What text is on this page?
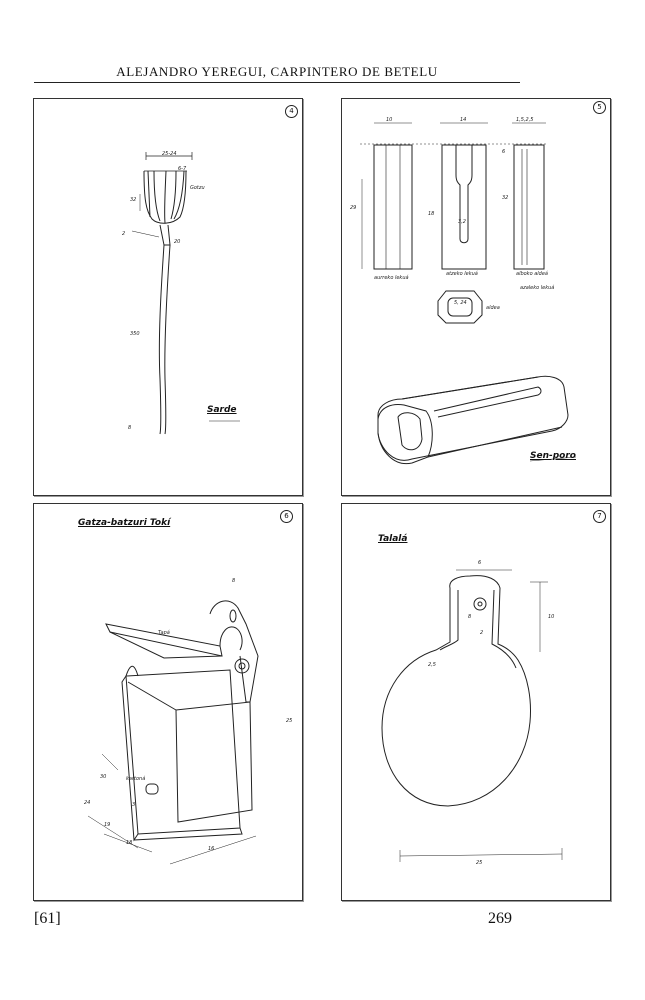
ALEJANDRO YEREGUI, CARPINTERO DE BETELU
4
25-24
6-7
Gotzu
32
2
20
350
8
Sarde
5
10	14	1,5,2,5
29
18
6
32
3,2
aurreko lekuá
atzeko lekuá	alboko aldeá
azaleko lekuá
5, 24
aldea
Sen-poro
6
Gatza-batzuri Tokí
8
Tapá
25
30
24	3
19
18
16
kartoná
7
Talalá
6
10
8
2
2,5
25
[61]	269
